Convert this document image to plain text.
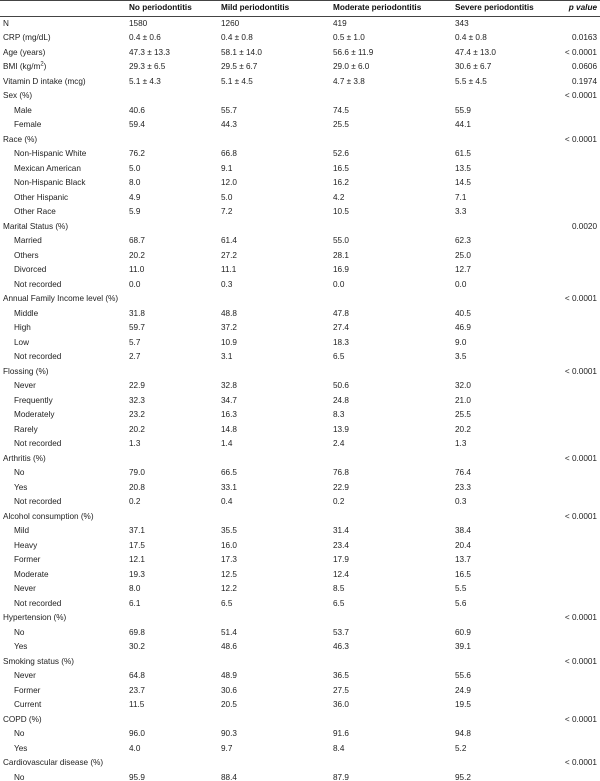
	No periodontitis	Mild periodontitis	Moderate periodontitis	Severe periodontitis	p value
N	1580	1260	419	343	
CRP (mg/dL)	0.4 ± 0.6	0.4 ± 0.8	0.5 ± 1.0	0.4 ± 0.8	0.0163
Age (years)	47.3 ± 13.3	58.1 ± 14.0	56.6 ± 11.9	47.4 ± 13.0	< 0.0001
BMI $(kg/m^2)$	29.3 ± 6.5	29.5 ± 6.7	29.0 ± 6.0	30.6 ± 6.7	0.0606
Vitamin D intake (mcg)	5.1 ± 4.3	5.1 ± 4.5	4.7 ± 3.8	5.5 ± 4.5	0.1974
Sex (%)					< 0.0001
Male	40.6	55.7	74.5	55.9	
Female	59.4	44.3	25.5	44.1	
Race (%)					< 0.0001
Non-Hispanic White	76.2	66.8	52.6	61.5	
Mexican American	5.0	9.1	16.5	13.5	
Non-Hispanic Black	8.0	12.0	16.2	14.5	
Other Hispanic	4.9	5.0	4.2	7.1	
Other Race	5.9	7.2	10.5	3.3	
Marital Status (%)					0.0020
Married	68.7	61.4	55.0	62.3	
Others	20.2	27.2	28.1	25.0	
Divorced	11.0	11.1	16.9	12.7	
Not recorded	0.0	0.3	0.0	0.0	
Annual Family Income level (%)					< 0.0001
Middle	31.8	48.8	47.8	40.5	
High	59.7	37.2	27.4	46.9	
Low	5.7	10.9	18.3	9.0	
Not recorded	2.7	3.1	6.5	3.5	
Flossing (%)					< 0.0001
Never	22.9	32.8	50.6	32.0	
Frequently	32.3	34.7	24.8	21.0	
Moderately	23.2	16.3	8.3	25.5	
Rarely	20.2	14.8	13.9	20.2	
Not recorded	1.3	1.4	2.4	1.3	
Arthritis (%)					< 0.0001
No	79.0	66.5	76.8	76.4	
Yes	20.8	33.1	22.9	23.3	
Not recorded	0.2	0.4	0.2	0.3	
Alcohol consumption (%)					< 0.0001
Mild	37.1	35.5	31.4	38.4	
Heavy	17.5	16.0	23.4	20.4	
Former	12.1	17.3	17.9	13.7	
Moderate	19.3	12.5	12.4	16.5	
Never	8.0	12.2	8.5	5.5	
Not recorded	6.1	6.5	6.5	5.6	
Hypertension (%)					< 0.0001
No	69.8	51.4	53.7	60.9	
Yes	30.2	48.6	46.3	39.1	
Smoking status (%)					< 0.0001
Never	64.8	48.9	36.5	55.6	
Former	23.7	30.6	27.5	24.9	
Current	11.5	20.5	36.0	19.5	
COPD (%)					< 0.0001
No	96.0	90.3	91.6	94.8	
Yes	4.0	9.7	8.4	5.2	
Cardiovascular disease (%)					< 0.0001
No	95.9	88.4	87.9	95.2	
